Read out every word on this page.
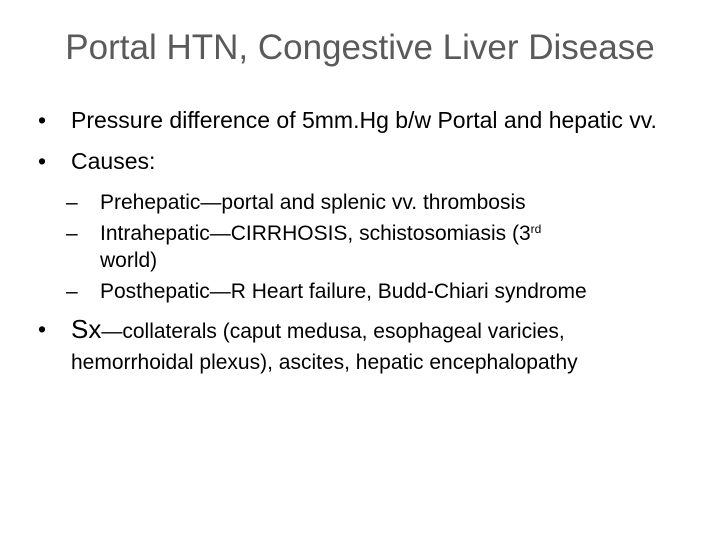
Portal HTN, Congestive Liver Disease
• Pressure difference of 5mm.Hg b/w Portal and hepatic vv.
• Causes:
– Prehepatic—portal and splenic vv. thrombosis
– Intrahepatic—CIRRHOSIS, schistosomiasis (3rd
world)
– Posthepatic—R Heart failure, Budd-Chiari syndrome
• Sx—collaterals (caput medusa, esophageal varicies,
hemorrhoidal plexus), ascites, hepatic encephalopathy
